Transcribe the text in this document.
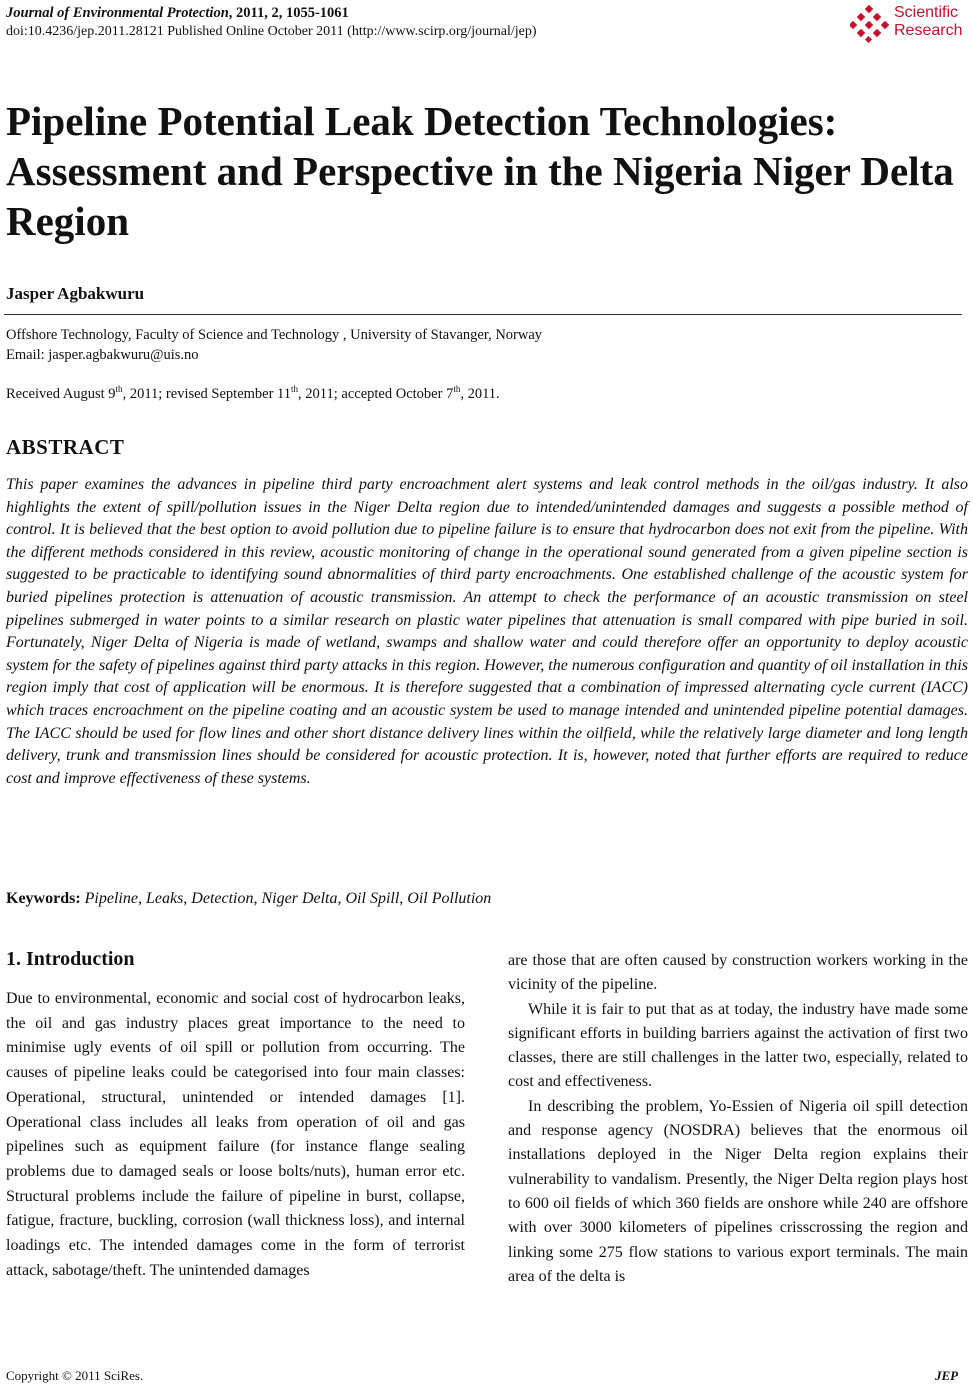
Journal of Environmental Protection, 2011, 2, 1055-1061
doi:10.4236/jep.2011.28121 Published Online October 2011 (http://www.scirp.org/journal/jep)
Scientific
Research
Pipeline Potential Leak Detection Technologies: Assessment and Perspective in the Nigeria Niger Delta Region
Jasper Agbakwuru
Offshore Technology, Faculty of Science and Technology , University of Stavanger, Norway
Email: jasper.agbakwuru@uis.no
Received August 9th, 2011; revised September 11th, 2011; accepted October 7th, 2011.
ABSTRACT

This paper examines the advances in pipeline third party encroachment alert systems and leak control methods in the oil/gas industry. It also highlights the extent of spill/pollution issues in the Niger Delta region due to intended/unintended damages and suggests a possible method of control. It is believed that the best option to avoid pollution due to pipeline failure is to ensure that hydrocarbon does not exit from the pipeline. With the different methods considered in this review, acoustic monitoring of change in the operational sound generated from a given pipeline section is suggested to be practicable to identifying sound abnormalities of third party encroachments. One established challenge of the acoustic system for buried pipelines protection is attenuation of acoustic transmission. An attempt to check the performance of an acoustic transmission on steel pipelines submerged in water points to a similar research on plastic water pipelines that attenuation is small compared with pipe buried in soil. Fortunately, Niger Delta of Nigeria is made of wetland, swamps and shallow water and could therefore offer an opportunity to deploy acoustic system for the safety of pipelines against third party attacks in this region. However, the numerous configuration and quantity of oil installation in this region imply that cost of application will be enormous. It is therefore suggested that a combination of impressed alternating cycle current (IACC) which traces encroachment on the pipeline coating and an acoustic system be used to manage intended and unintended pipeline potential damages. The IACC should be used for flow lines and other short distance delivery lines within the oilfield, while the relatively large diameter and long length delivery, trunk and transmission lines should be considered for acoustic protection. It is, however, noted that further efforts are required to reduce cost and improve effectiveness of these systems.

Keywords: Pipeline, Leaks, Detection, Niger Delta, Oil Spill, Oil Pollution
1. Introduction

Due to environmental, economic and social cost of hydrocarbon leaks, the oil and gas industry places great importance to the need to minimise ugly events of oil spill or pollution from occurring. The causes of pipeline leaks could be categorised into four main classes: Operational, structural, unintended or intended damages [1]. Operational class includes all leaks from operation of oil and gas pipelines such as equipment failure (for instance flange sealing problems due to damaged seals or loose bolts/nuts), human error etc. Structural problems include the failure of pipeline in burst, collapse, fatigue, fracture, buckling, corrosion (wall thickness loss), and internal loadings etc. The intended damages come in the form of terrorist attack, sabotage/theft. The unintended damages

are those that are often caused by construction workers working in the vicinity of the pipeline.

While it is fair to put that as at today, the industry have made some significant efforts in building barriers against the activation of first two classes, there are still challenges in the latter two, especially, related to cost and effectiveness.

In describing the problem, Yo-Essien of Nigeria oil spill detection and response agency (NOSDRA) believes that the enormous oil installations deployed in the Niger Delta region explains their vulnerability to vandalism. Presently, the Niger Delta region plays host to 600 oil fields of which 360 fields are onshore while 240 are offshore with over 3000 kilometers of pipelines crisscrossing the region and linking some 275 flow stations to various export terminals. The main area of the delta is

Copyright © 2011 SciRes.	JEP
